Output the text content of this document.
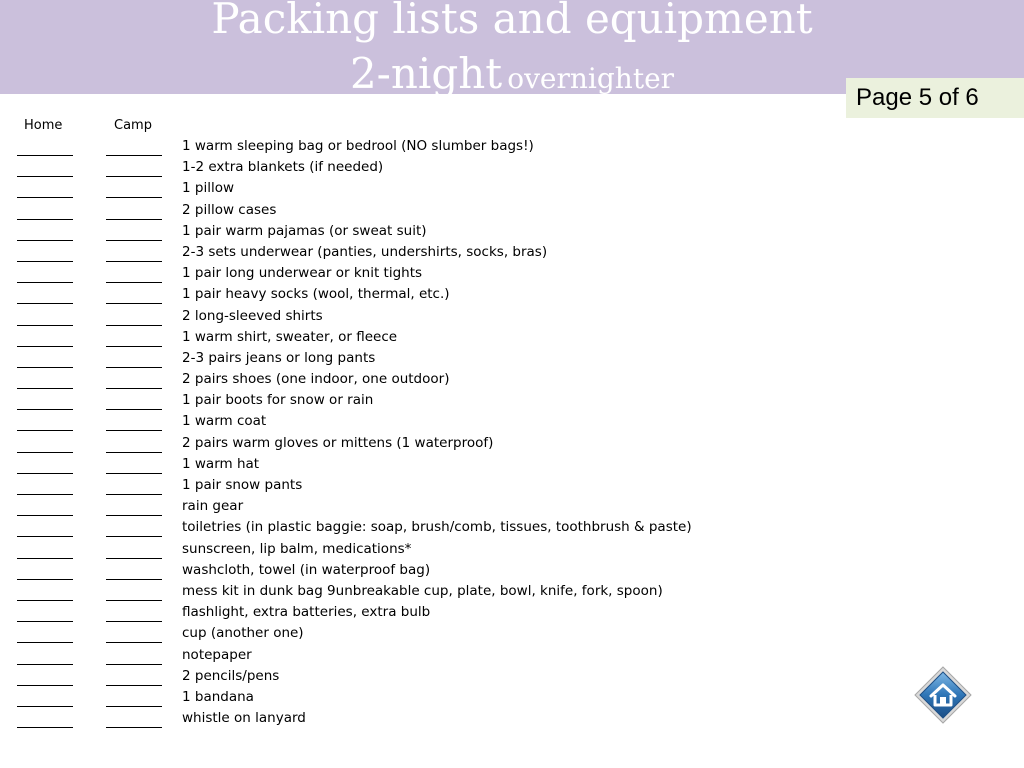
Packing lists and equipment
2-night overnighter
Page 5 of 6
Home	Camp
1 warm sleeping bag or bedrool (NO slumber bags!)
1-2 extra blankets (if needed)
1 pillow
2 pillow cases
1 pair warm pajamas (or sweat suit)
2-3 sets underwear (panties, undershirts, socks, bras)
1 pair long underwear or knit tights
1 pair heavy socks (wool, thermal, etc.)
2 long-sleeved shirts
1 warm shirt, sweater, or fleece
2-3 pairs jeans or long pants
2 pairs shoes (one indoor, one outdoor)
1 pair boots for snow or rain
1 warm coat
2 pairs warm gloves or mittens (1 waterproof)
1 warm hat
1 pair snow pants
rain gear
toiletries (in plastic baggie: soap, brush/comb, tissues, toothbrush & paste)
sunscreen, lip balm, medications*
washcloth, towel (in waterproof bag)
mess kit in dunk bag 9unbreakable cup, plate, bowl, knife, fork, spoon)
flashlight, extra batteries, extra bulb
cup (another one)
notepaper
2 pencils/pens
1 bandana
whistle on lanyard
